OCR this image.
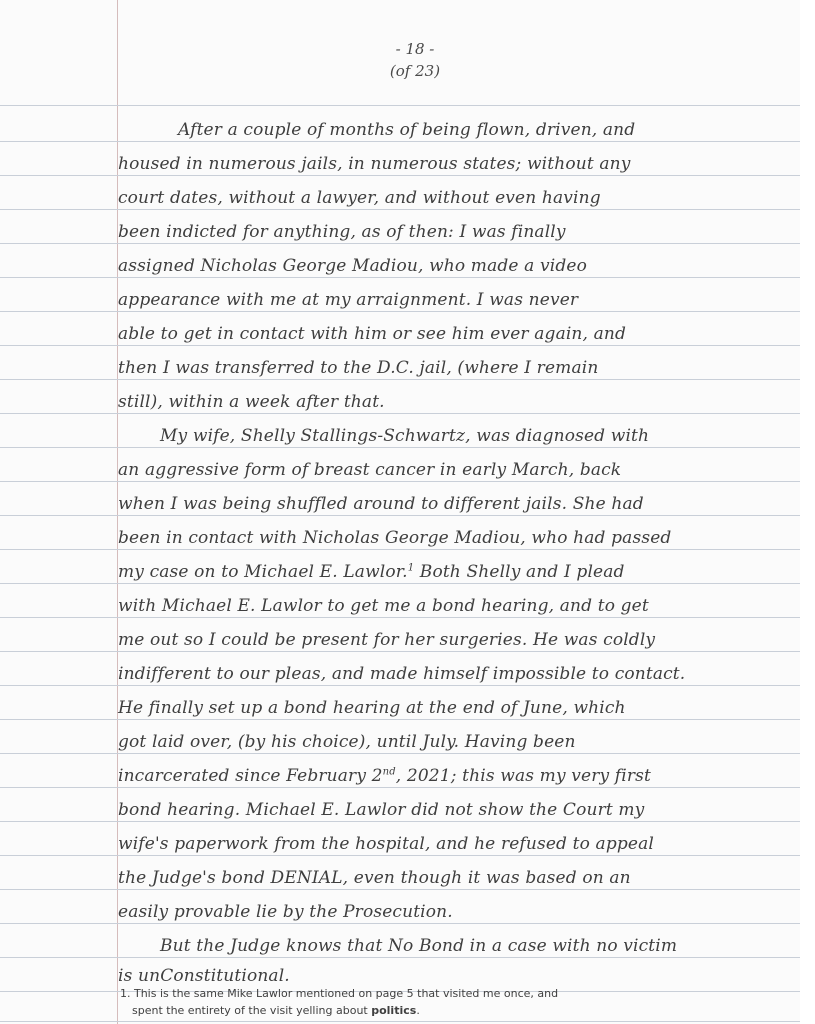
- 18 -
(of 23)
After a couple of months of being flown, driven, and
housed in numerous jails, in numerous states; without any
court dates, without a lawyer, and without even having
been indicted for anything, as of then: I was finally
assigned Nicholas George Madiou, who made a video
appearance with me at my arraignment. I was never
able to get in contact with him or see him ever again, and
then I was transferred to the D.C. jail, (where I remain
still), within a week after that.
My wife, Shelly Stallings-Schwartz, was diagnosed with
an aggressive form of breast cancer in early March, back
when I was being shuffled around to different jails. She had
been in contact with Nicholas George Madiou, who had passed
my case on to Michael E. Lawlor.$^1$ Both Shelly and I plead
with Michael E. Lawlor to get me a bond hearing, and to get
me out so I could be present for her surgeries. He was coldly
indifferent to our pleas, and made himself impossible to contact.
He finally set up a bond hearing at the end of June, which
got laid over, (by his choice), until July. Having been
incarcerated since February 2nd, 2021; this was my very first
bond hearing. Michael E. Lawlor did not show the Court my
wife's paperwork from the hospital, and he refused to appeal
the Judge's bond DENIAL, even though it was based on an
easily provable lie by the Prosecution.
But the Judge knows that No Bond in a case with no victim
is unConstitutional.
1. This is the same Mike Lawlor mentioned on page 5 that visited me once, and
spent the entirety of the visit yelling about politics.
